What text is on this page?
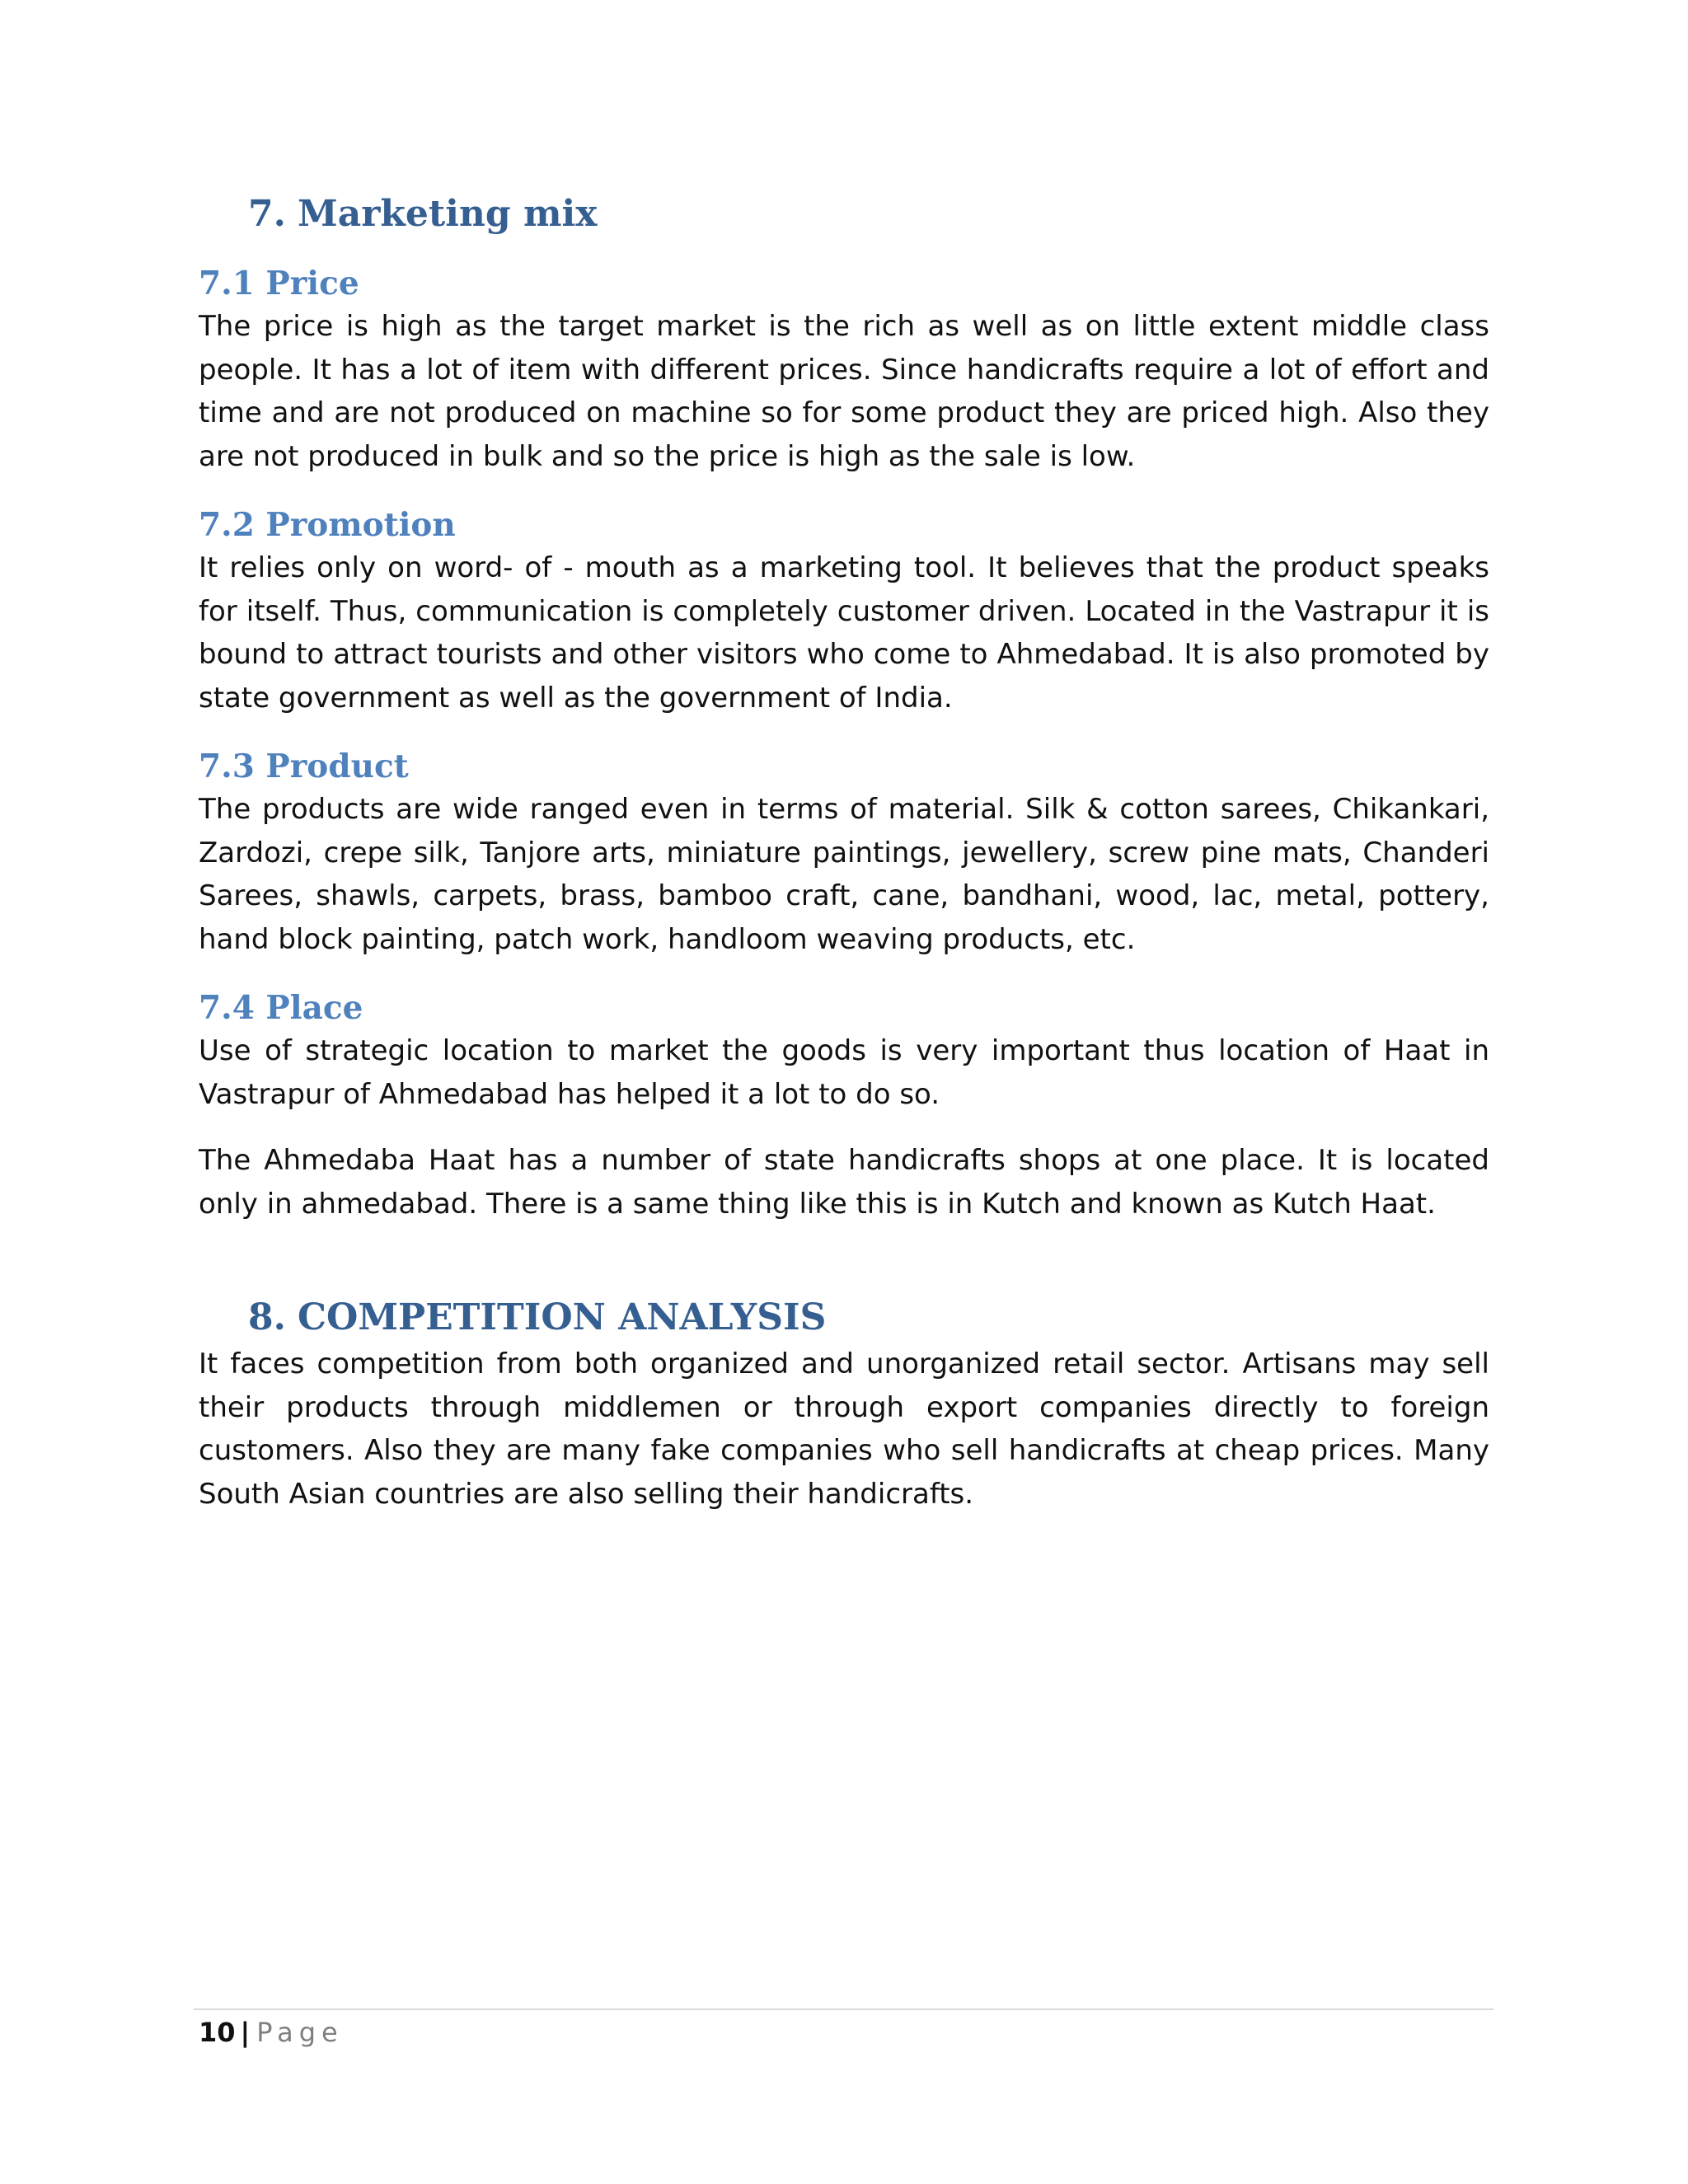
7. Marketing mix
7.1 Price

The price is high as the target market is the rich as well as on little extent middle class people. It has a lot of item with different prices. Since handicrafts require a lot of effort and time and are not produced on machine so for some product they are priced high. Also they are not produced in bulk and so the price is high as the sale is low.

7.2 Promotion

It relies only on word- of - mouth as a marketing tool. It believes that the product speaks for itself. Thus, communication is completely customer driven. Located in the Vastrapur it is bound to attract tourists and other visitors who come to Ahmedabad. It is also promoted by state government as well as the government of India.

7.3 Product

The products are wide ranged even in terms of material. Silk & cotton sarees, Chikankari, Zardozi, crepe silk, Tanjore arts, miniature paintings, jewellery, screw pine mats, Chanderi Sarees, shawls, carpets, brass, bamboo craft, cane, bandhani, wood, lac, metal, pottery, hand block painting, patch work, handloom weaving products, etc.

7.4 Place

Use of strategic location to market the goods is very important thus location of Haat in Vastrapur of Ahmedabad has helped it a lot to do so.

The Ahmedaba Haat has a number of state handicrafts shops at one place. It is located only in ahmedabad. There is a same thing like this is in Kutch and known as Kutch Haat.

8. COMPETITION ANALYSIS

It faces competition from both organized and unorganized retail sector. Artisans may sell their products through middlemen or through export companies directly to foreign customers. Also they are many fake companies who sell handicrafts at cheap prices. Many South Asian countries are also selling their handicrafts.

10 | Page
